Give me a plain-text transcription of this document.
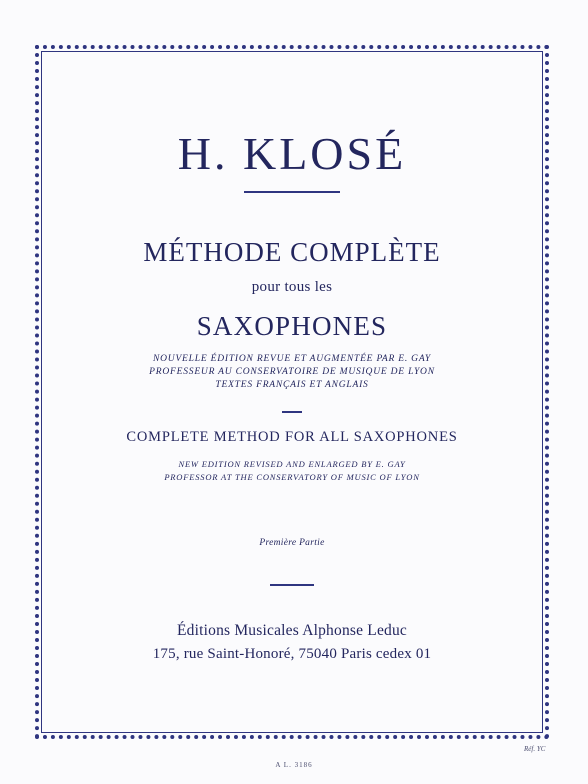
H. KLOSÉ
MÉTHODE COMPLÈTE
pour tous les
SAXOPHONES
NOUVELLE ÉDITION REVUE ET AUGMENTÉE PAR E. GAY
PROFESSEUR AU CONSERVATOIRE DE MUSIQUE DE LYON
TEXTES FRANÇAIS ET ANGLAIS
COMPLETE METHOD FOR ALL SAXOPHONES
NEW EDITION REVISED AND ENLARGED BY E. GAY
PROFESSOR AT THE CONSERVATORY OF MUSIC OF LYON
Première Partie
Éditions Musicales Alphonse Leduc
175, rue Saint-Honoré, 75040 Paris cedex 01
Réf. YC
A L. 3186
